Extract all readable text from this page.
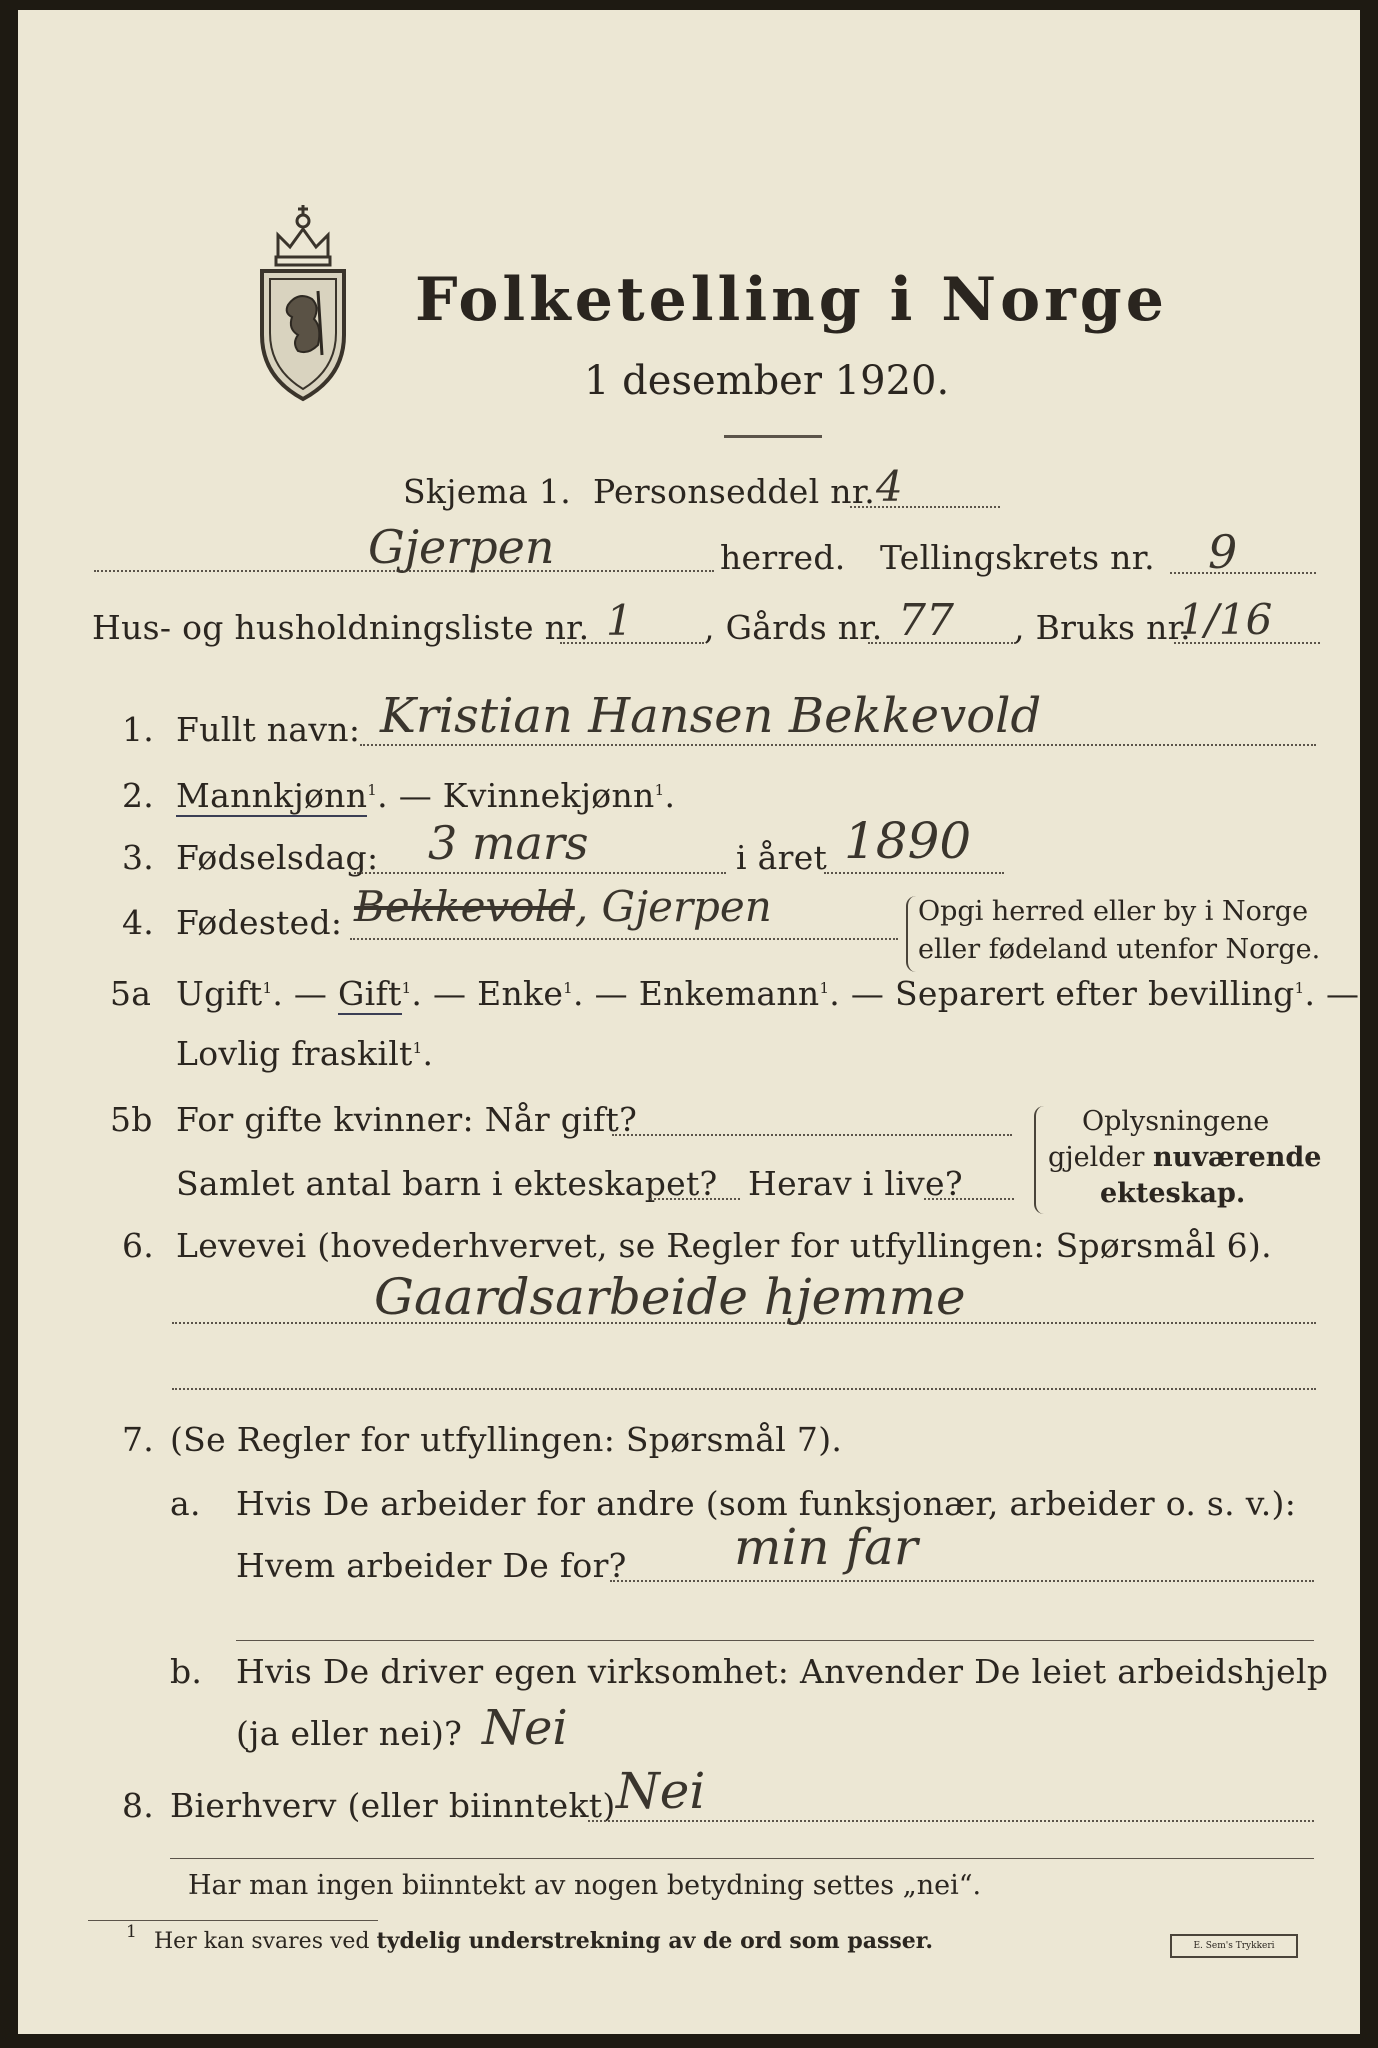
Folketelling i Norge
1 desember 1920.
Skjema 1. Personseddel nr. 4
Gjerpen	herred. Tellingskrets nr. 9
Hus- og husholdningsliste nr. 1 , Gårds nr. 77 , Bruks nr.
1/16
1. Fullt navn: Kristian Hansen Bekkevold
2. Mannkjønn$^1$. — Kvinnekjønn$^1$.
3. Fødselsdag: 3 mars	i året 1890
4. Fødested: Bekkevold, Gjerpen	Opgi herred eller by i Norge
eller fødeland utenfor Norge.
5a Ugift$^1$. — Gift$^1$. — Enke$^1$. — Enkemann$^1$. — Separert efter bevilling$^1$. —
Lovlig fraskilt$^1$.
5b For gifte kvinner: Når gift?
Samlet antal barn i ekteskapet? Herav i live?
Oplysningene
gjelder nuværende
ekteskap.
6. Levevei (hovederhvervet, se Regler for utfyllingen: Spørsmål 6).
Gaardsarbeide hjemme
7. (Se Regler for utfyllingen: Spørsmål 7).
a. Hvis De arbeider for andre (som funksjonær, arbeider o. s. v.):
Hvem arbeider De for? min far
b. Hvis De driver egen virksomhet: Anvender De leiet arbeidshjelp
(ja eller nei)? Nei
8. Bierhverv (eller biinntekt) Nei
Har man ingen biinntekt av nogen betydning settes „nei“.
1 Her kan svares ved tydelig understrekning av de ord som passer.	E. Sem's Trykkeri
